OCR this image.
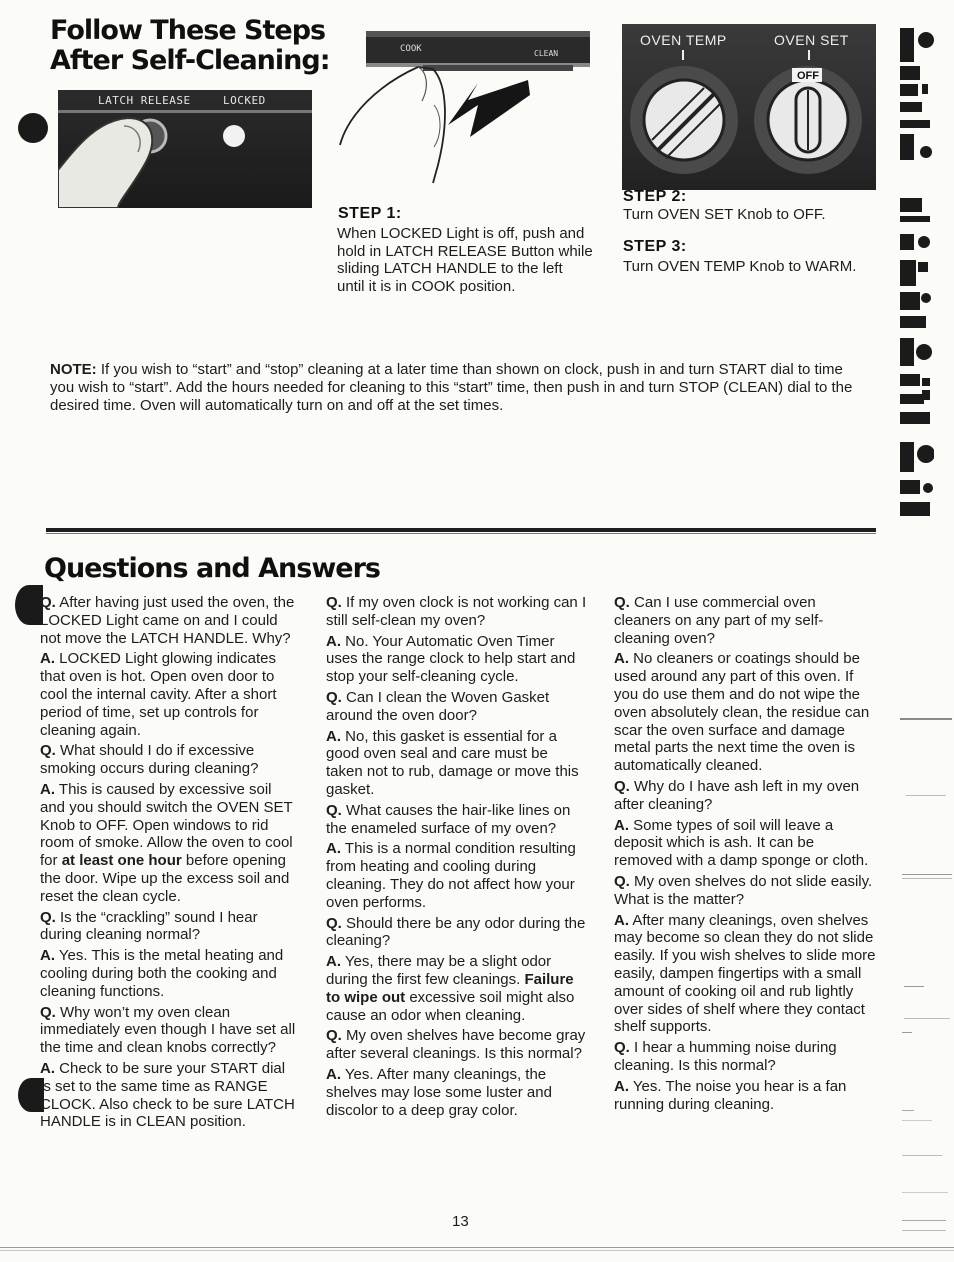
Follow These Steps
After Self-Cleaning:
LATCH RELEASE	LOCKED
COOK	CLEAN
OVEN TEMP	OVEN SET
OFF
STEP 1:
When LOCKED Light is off, push and hold in LATCH RELEASE Button while sliding LATCH HANDLE to the left until it is in COOK position.
STEP 2:
Turn OVEN SET Knob to OFF.
STEP 3:
Turn OVEN TEMP Knob to WARM.
NOTE: If you wish to “start” and “stop” cleaning at a later time than shown on clock, push in and turn START dial to time you wish to “start”. Add the hours needed for cleaning to this “start” time, then push in and turn STOP (CLEAN) dial to the desired time. Oven will automatically turn on and off at the set times.
Questions and Answers

Q. After having just used the oven, the LOCKED Light came on and I could not move the LATCH HANDLE. Why?

A. LOCKED Light glowing indicates that oven is hot. Open oven door to cool the internal cavity. After a short period of time, set up controls for cleaning again.

Q. What should I do if excessive smoking occurs during cleaning?

A. This is caused by excessive soil and you should switch the OVEN SET Knob to OFF. Open windows to rid room of smoke. Allow the oven to cool for at least one hour before opening the door. Wipe up the excess soil and reset the clean cycle.

Q. Is the “crackling” sound I hear during cleaning normal?

A. Yes. This is the metal heating and cooling during both the cooking and cleaning functions.

Q. Why won’t my oven clean immediately even though I have set all the time and clean knobs correctly?

A. Check to be sure your START dial is set to the same time as RANGE CLOCK. Also check to be sure LATCH HANDLE is in CLEAN position.

Q. If my oven clock is not working can I still self-clean my oven?

A. No. Your Automatic Oven Timer uses the range clock to help start and stop your self-cleaning cycle.

Q. Can I clean the Woven Gasket around the oven door?

A. No, this gasket is essential for a good oven seal and care must be taken not to rub, damage or move this gasket.

Q. What causes the hair-like lines on the enameled surface of my oven?

A. This is a normal condition resulting from heating and cooling during cleaning. They do not affect how your oven performs.

Q. Should there be any odor during the cleaning?

A. Yes, there may be a slight odor during the first few cleanings. Failure to wipe out excessive soil might also cause an odor when cleaning.

Q. My oven shelves have become gray after several cleanings. Is this normal?

A. Yes. After many cleanings, the shelves may lose some luster and discolor to a deep gray color.

Q. Can I use commercial oven cleaners on any part of my self-cleaning oven?

A. No cleaners or coatings should be used around any part of this oven. If you do use them and do not wipe the oven absolutely clean, the residue can scar the oven surface and damage metal parts the next time the oven is automatically cleaned.

Q. Why do I have ash left in my oven after cleaning?

A. Some types of soil will leave a deposit which is ash. It can be removed with a damp sponge or cloth.

Q. My oven shelves do not slide easily. What is the matter?

A. After many cleanings, oven shelves may become so clean they do not slide easily. If you wish shelves to slide more easily, dampen fingertips with a small amount of cooking oil and rub lightly over sides of shelf where they contact shelf supports.

Q. I hear a humming noise during cleaning. Is this normal?

A. Yes. The noise you hear is a fan running during cleaning.

13
